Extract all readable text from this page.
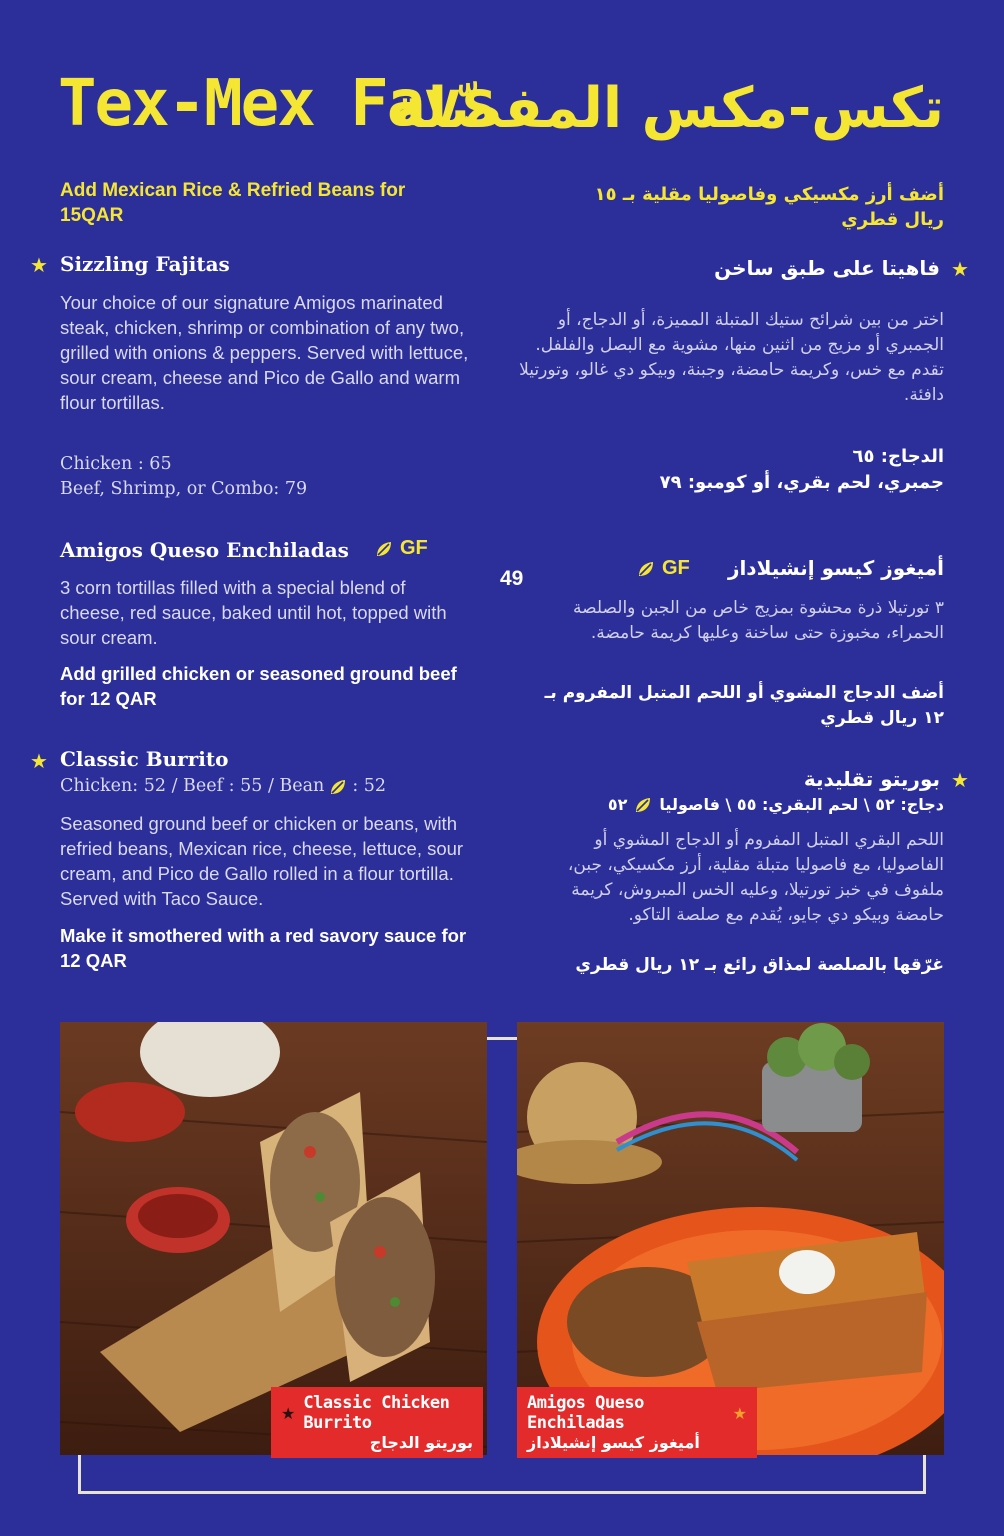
Tex-Mex Favs
تكس-مكس المفضّلة
Add Mexican Rice & Refried Beans for 15QAR
أضف أرز مكسيكي وفاصوليا مقلية بـ ١٥ ريال قطري
★ Sizzling Fajitas	★
فاهيتا على طبق ساخن
Your choice of our signature Amigos marinated steak, chicken, shrimp or combination of any two, grilled with onions & peppers. Served with lettuce, sour cream, cheese and Pico de Gallo and warm flour tortillas.
اختر من بين شرائح ستيك المتبلة المميزة، أو الدجاج، أو الجمبري أو مزيج من اثنين منها، مشوية مع البصل والفلفل. تقدم مع خس، وكريمة حامضة، وجبنة، وبيكو دي غالو، وتورتيلا دافئة.
Chicken : 65
Beef, Shrimp, or Combo: 79
الدجاج: ٦٥
جمبري، لحم بقري، أو كومبو: ٧٩
Amigos Queso Enchiladas	GF
أميغوز كيسو إنشيلاداز
GF
49
3 corn tortillas filled with a special blend of cheese, red sauce, baked until hot, topped with sour cream.
٣ تورتيلا ذرة محشوة بمزيج خاص من الجبن والصلصة الحمراء، مخبوزة حتى ساخنة وعليها كريمة حامضة.
Add grilled chicken or seasoned ground beef for 12 QAR	أضف الدجاج المشوي أو اللحم المتبل المفروم بـ ١٢ ريال قطري
★ Classic Burrito
★
بوريتو تقليدية
Chicken: 52 / Beef : 55 / Bean : 52
دجاج: ٥٢ \ لحم البقري: ٥٥ \ فاصوليا
٥٢
Seasoned ground beef or chicken or beans, with refried beans, Mexican rice, cheese, lettuce, sour cream, and Pico de Gallo rolled in a flour tortilla. Served with Taco Sauce.
اللحم البقري المتبل المفروم أو الدجاج المشوي أو الفاصوليا، مع فاصوليا متبلة مقلية، أرز مكسيكي، جبن، ملفوف في خبز تورتيلا، وعليه الخس المبروش، كريمة حامضة وبيكو دي جايو، يُقدم مع صلصة التاكو.
Make it smothered with a red savory sauce for 12 QAR	غرّقها بالصلصة لمذاق رائع بـ ١٢ ريال قطري
★ Classic Chicken Burrito
بوريتو الدجاج
Amigos Queso Enchiladas	★
أميغوز كيسو إنشيلاداز
